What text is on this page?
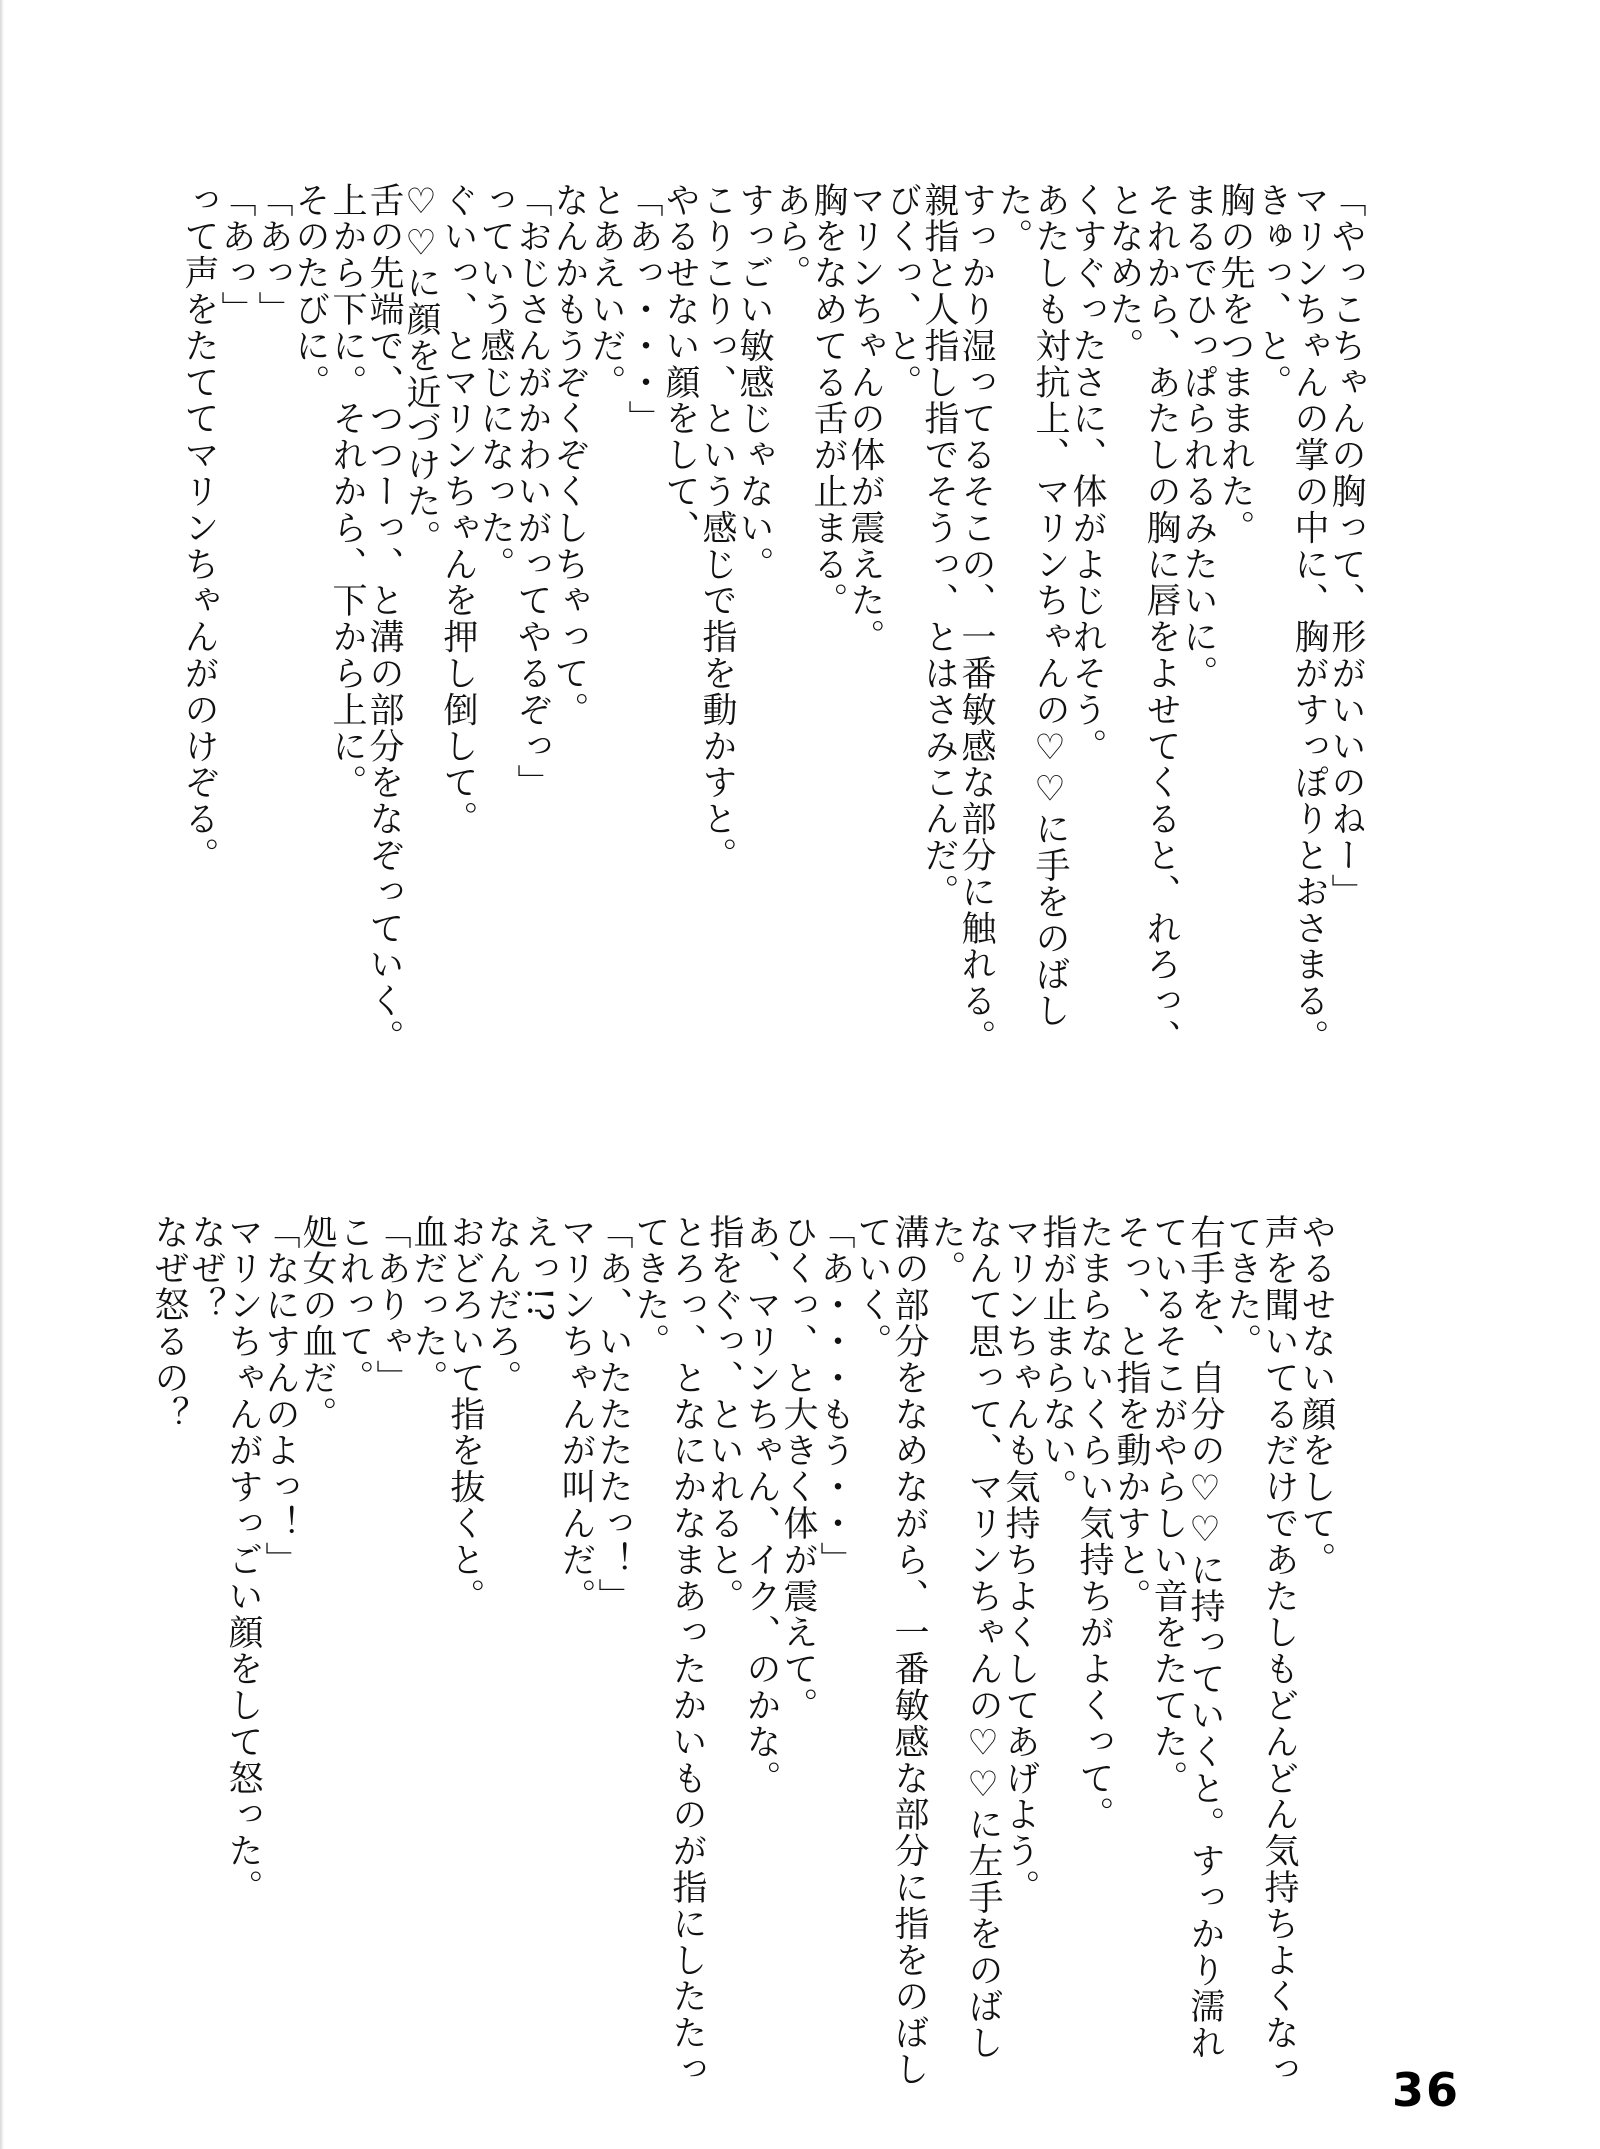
「やっこちゃんの胸って、形がいいのねー」
マリンちゃんの掌の中に、胸がすっぽりとおさまる。
きゅっ、と。
胸の先をつままれた。
まるでひっぱられるみたいに。
それから、あたしの胸に唇をよせてくると、れろっ、
となめた。
くすぐったさに、体がよじれそう。
あたしも対抗上、マリンちゃんの♡♡に手をのばし
た。
すっかり湿ってるそこの、一番敏感な部分に触れる。
親指と人指し指でそうっ、とはさみこんだ。
びくっ、と。
マリンちゃんの体が震えた。
胸をなめてる舌が止まる。
あら。
すっごい敏感じゃない。
こりこりっ、という感じで指を動かすと。
やるせない顔をして、
「あっ・・・」
とあえいだ。
なんかもうぞくぞくしちゃって。
「おじさんがかわいがってやるぞっ」
っていう感じになった。
ぐいっ、とマリンちゃんを押し倒して。
♡♡に顔を近づけた。
舌の先端で、つつーっ、と溝の部分をなぞっていく。
上から下に。それから、下から上に。
そのたびに。
「あっ」
「あっ」
って声をたててマリンちゃんがのけぞる。
やるせない顔をして。
声を聞いてるだけであたしもどんどん気持ちよくなっ
てきた。
右手を、自分の♡♡に持っていくと。すっかり濡れ
ているそこがやらしい音をたてた。
そっ、と指を動かすと。
たまらないくらい気持ちがよくって。
指が止まらない。
マリンちゃんも気持ちよくしてあげよう。
なんて思って、マリンちゃんの♡♡に左手をのばし
た。
溝の部分をなめながら、一番敏感な部分に指をのばし
ていく。
「あ・・・もう・・」
ひくっ、と大きく体が震えて。
あ、マリンちゃん、イク、のかな。
指をぐっ、といれると。
とろっ、となにかなまあったかいものが指にしたたっ
てきた。
「あ、いたたたたっ！」
マリンちゃんが叫んだ。
えっ!?
なんだろ。
おどろいて指を抜くと。
血だった。
「ありゃ」
これって。
処女の血だ。
「なにすんのよっ！」
マリンちゃんがすっごい顔をして怒った。
なぜ？
なぜ怒るの？
36
